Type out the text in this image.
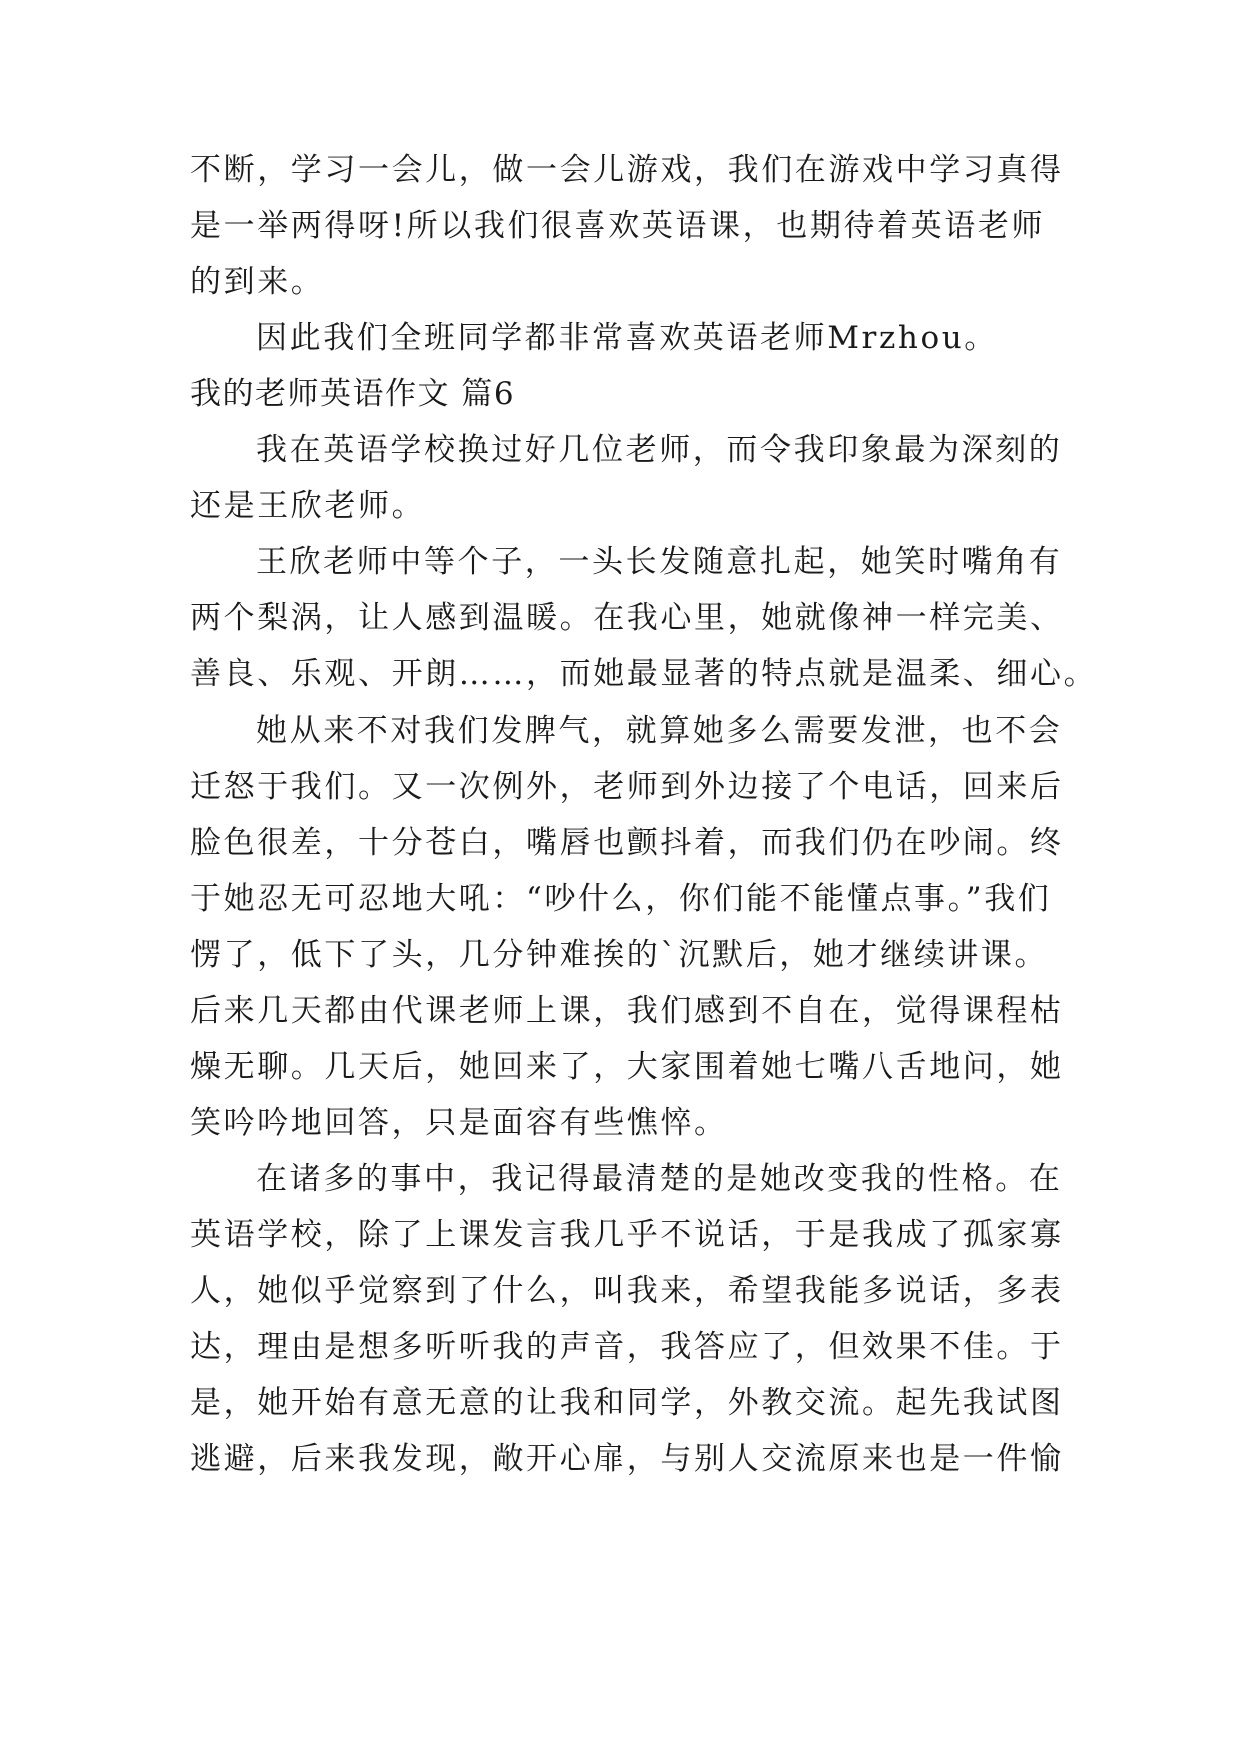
不断，学习一会儿，做一会儿游戏，我们在游戏中学习真得
是一举两得呀!所以我们很喜欢英语课，也期待着英语老师
的到来。
因此我们全班同学都非常喜欢英语老师Mrzhou。
我的老师英语作文 篇6
我在英语学校换过好几位老师，而令我印象最为深刻的
还是王欣老师。
王欣老师中等个子，一头长发随意扎起，她笑时嘴角有
两个梨涡，让人感到温暖。在我心里，她就像神一样完美、
善良、乐观、开朗……，而她最显著的特点就是温柔、细心。
她从来不对我们发脾气，就算她多么需要发泄，也不会
迁怒于我们。又一次例外，老师到外边接了个电话，回来后
脸色很差，十分苍白，嘴唇也颤抖着，而我们仍在吵闹。终
于她忍无可忍地大吼：“吵什么，你们能不能懂点事。”我们
愣了，低下了头，几分钟难挨的`沉默后，她才继续讲课。
后来几天都由代课老师上课，我们感到不自在，觉得课程枯
燥无聊。几天后，她回来了，大家围着她七嘴八舌地问，她
笑吟吟地回答，只是面容有些憔悴。
在诸多的事中，我记得最清楚的是她改变我的性格。在
英语学校，除了上课发言我几乎不说话，于是我成了孤家寡
人，她似乎觉察到了什么，叫我来，希望我能多说话，多表
达，理由是想多听听我的声音，我答应了，但效果不佳。于
是，她开始有意无意的让我和同学，外教交流。起先我试图
逃避，后来我发现，敞开心扉，与别人交流原来也是一件愉
